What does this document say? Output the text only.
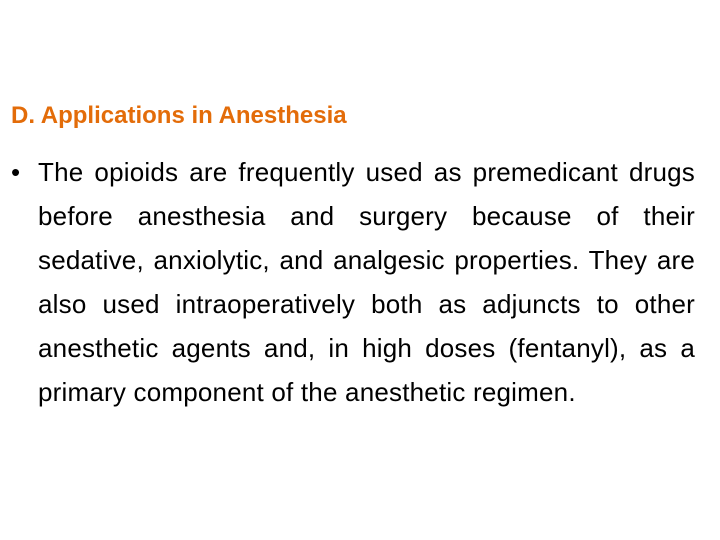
D. Applications in Anesthesia
• The opioids are frequently used as premedicant drugs before anesthesia and surgery because of their sedative, anxiolytic, and analgesic properties. They are also used intraoperatively both as adjuncts to other anesthetic agents and, in high doses (fentanyl), as a primary component of the anesthetic regimen.
